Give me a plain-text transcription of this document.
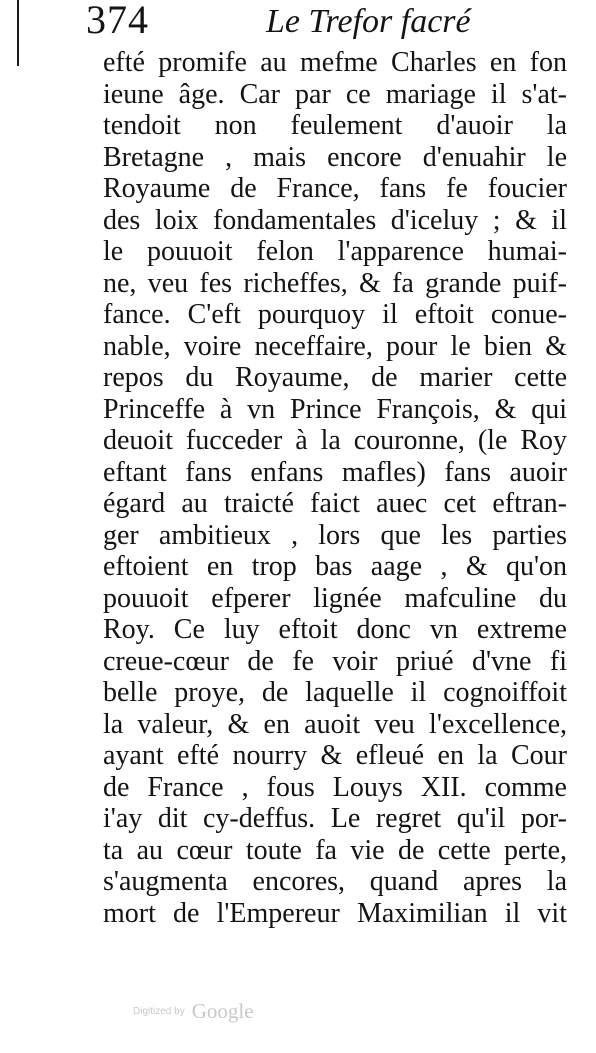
374	Le Trefor facré
efté promife au mefme Charles en fon
ieune âge. Car par ce mariage il s'at-
tendoit non feulement d'auoir la
Bretagne , mais encore d'enuahir le
Royaume de France, fans fe foucier
des loix fondamentales d'iceluy ; & il
le pouuoit felon l'apparence humai-
ne, veu fes richeffes, & fa grande puif-
fance. C'eft pourquoy il eftoit conue-
nable, voire neceffaire, pour le bien &
repos du Royaume, de marier cette
Princeffe à vn Prince François, & qui
deuoit fucceder à la couronne, (le Roy
eftant fans enfans mafles) fans auoir
égard au traicté faict auec cet eftran-
ger ambitieux , lors que les parties
eftoient en trop bas aage , & qu'on
pouuoit efperer lignée mafculine du
Roy. Ce luy eftoit donc vn extreme
creue-cœur de fe voir priué d'vne fi
belle proye, de laquelle il cognoiffoit
la valeur, & en auoit veu l'excellence,
ayant efté nourry & efleué en la Cour
de France , fous Louys XII. comme
i'ay dit cy-deffus. Le regret qu'il por-
ta au cœur toute fa vie de cette perte,
s'augmenta encores, quand apres la
mort de l'Empereur Maximilian il vit
Digitized by Google
